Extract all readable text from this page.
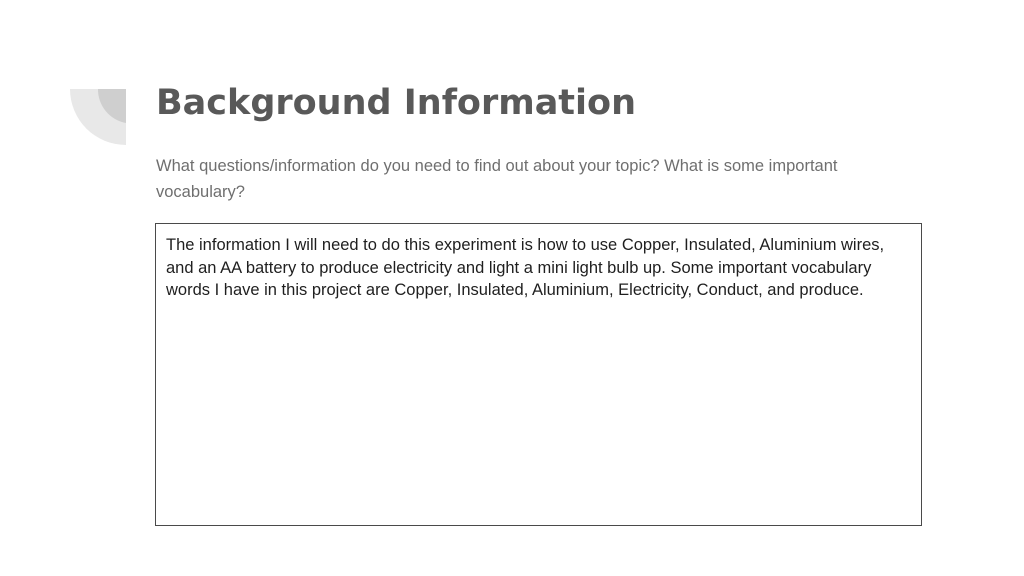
Background Information

What questions/information do you need to find out about your topic? What is some important vocabulary?

The information I will need to do this experiment is how to use Copper, Insulated, Aluminium wires, and an AA battery to produce electricity and light a mini light bulb up. Some important vocabulary words I have in this project are Copper, Insulated, Aluminium, Electricity, Conduct, and produce.
